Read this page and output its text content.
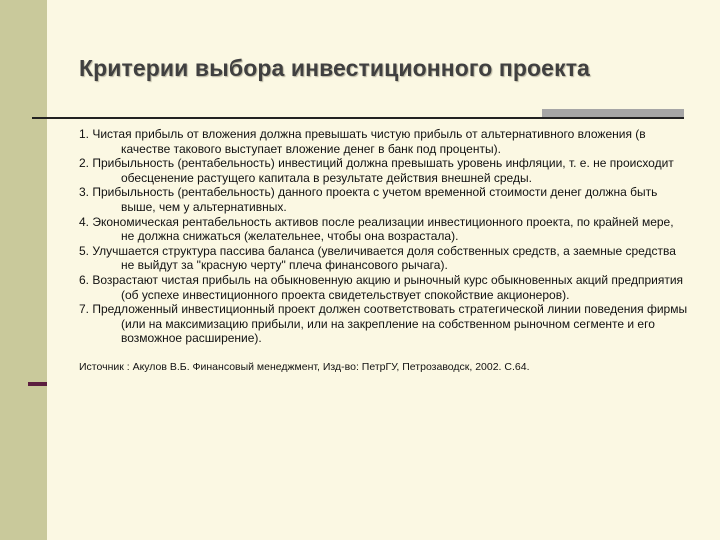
Критерии выбора инвестиционного проекта
1. Чистая прибыль от вложения должна превышать чистую прибыль от альтернативного вложения (в качестве такового выступает вложение денег в банк под проценты).
2. Прибыльность (рентабельность) инвестиций должна превышать уровень инфляции, т. е. не происходит обесценение растущего капитала в результате действия внешней среды.
3. Прибыльность (рентабельность) данного проекта с учетом временной стоимости денег должна быть выше, чем у альтернативных.
4. Экономическая рентабельность активов после реализации инвестиционного проекта, по крайней мере, не должна снижаться (желательнее, чтобы она возрастала).
5. Улучшается структура пассива баланса (увеличивается доля собственных средств, а заемные средства не выйдут за "красную черту" плеча финансового рычага).
6. Возрастают чистая прибыль на обыкновенную акцию и рыночный курс обыкновенных акций предприятия (об успехе инвестиционного проекта свидетельствует спокойствие акционеров).
7. Предложенный инвестиционный проект должен соответствовать стратегической линии поведения фирмы (или на максимизацию прибыли, или на закрепление на собственном рыночном сегменте и его возможное расширение).
Источник : Акулов В.Б. Финансовый менеджмент, Изд-во: ПетрГУ, Петрозаводск, 2002. С.64.
